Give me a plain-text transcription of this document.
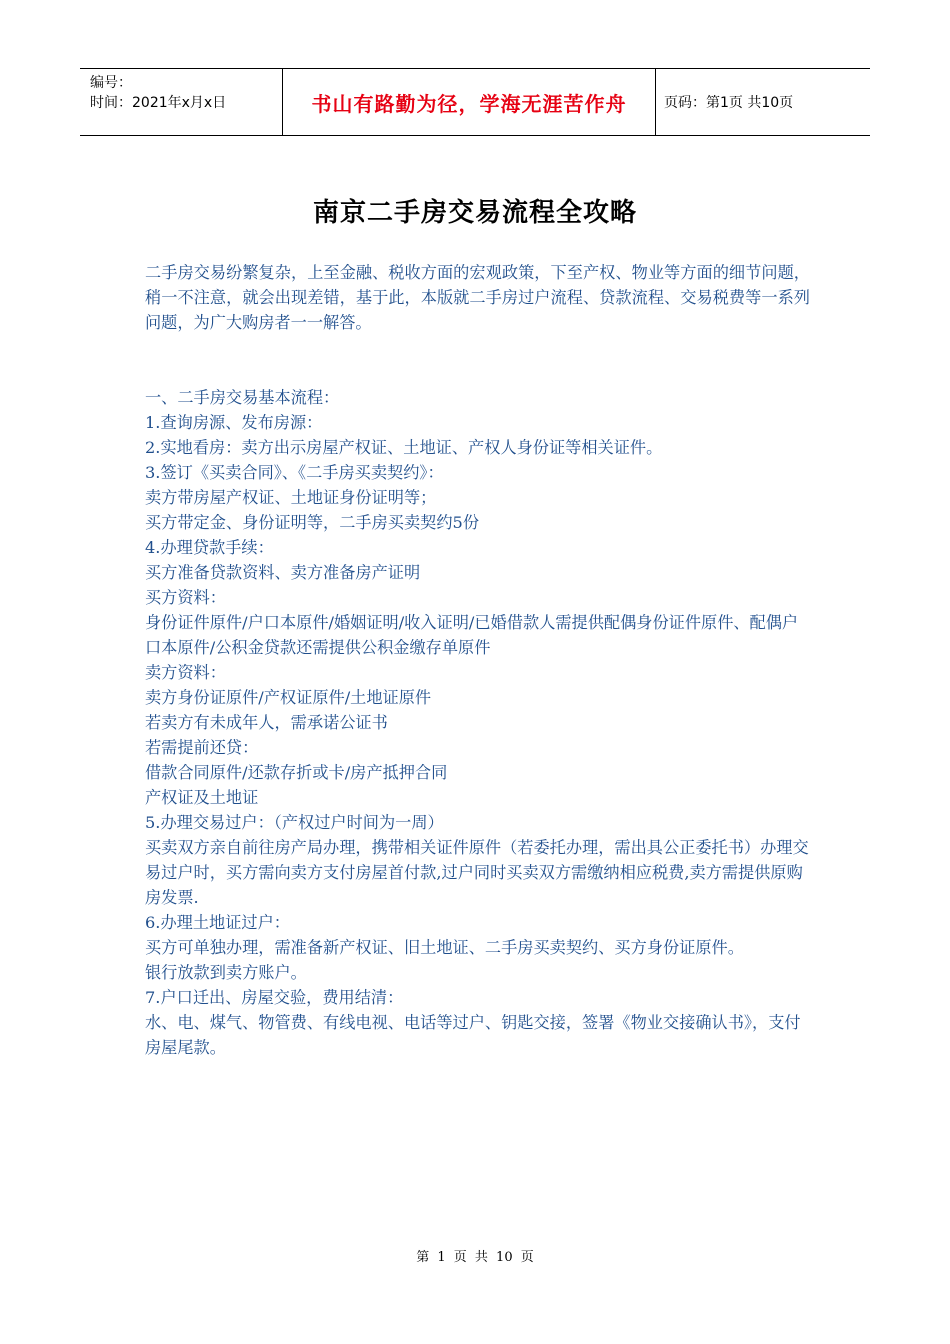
编号：
时间：2021年x月x日	书山有路勤为径，学海无涯苦作舟	页码：第1页 共10页
南京二手房交易流程全攻略

二手房交易纷繁复杂，上至金融、税收方面的宏观政策，下至产权、物业等方面的细节问题，稍一不注意，就会出现差错，基于此，本版就二手房过户流程、贷款流程、交易税费等一系列问题，为广大购房者一一解答。

一、二手房交易基本流程：

1.查询房源、发布房源：

2.实地看房：卖方出示房屋产权证、土地证、产权人身份证等相关证件。

3.签订《买卖合同》、《二手房买卖契约》：

卖方带房屋产权证、土地证身份证明等；

买方带定金、身份证明等，二手房买卖契约5份

4.办理贷款手续：

买方准备贷款资料、卖方准备房产证明

买方资料：

身份证件原件/户口本原件/婚姻证明/收入证明/已婚借款人需提供配偶身份证件原件、配偶户口本原件/公积金贷款还需提供公积金缴存单原件

卖方资料：

卖方身份证原件/产权证原件/土地证原件

若卖方有未成年人，需承诺公证书

若需提前还贷：

借款合同原件/还款存折或卡/房产抵押合同

产权证及土地证

5.办理交易过户：（产权过户时间为一周）

买卖双方亲自前往房产局办理，携带相关证件原件（若委托办理，需出具公正委托书）办理交易过户时，买方需向卖方支付房屋首付款,过户同时买卖双方需缴纳相应税费,卖方需提供原购房发票.

6.办理土地证过户：

买方可单独办理，需准备新产权证、旧土地证、二手房买卖契约、买方身份证原件。

银行放款到卖方账户。

7.户口迁出、房屋交验，费用结清：

水、电、煤气、物管费、有线电视、电话等过户、钥匙交接，签署《物业交接确认书》，支付房屋尾款。

第 1 页 共 10 页
